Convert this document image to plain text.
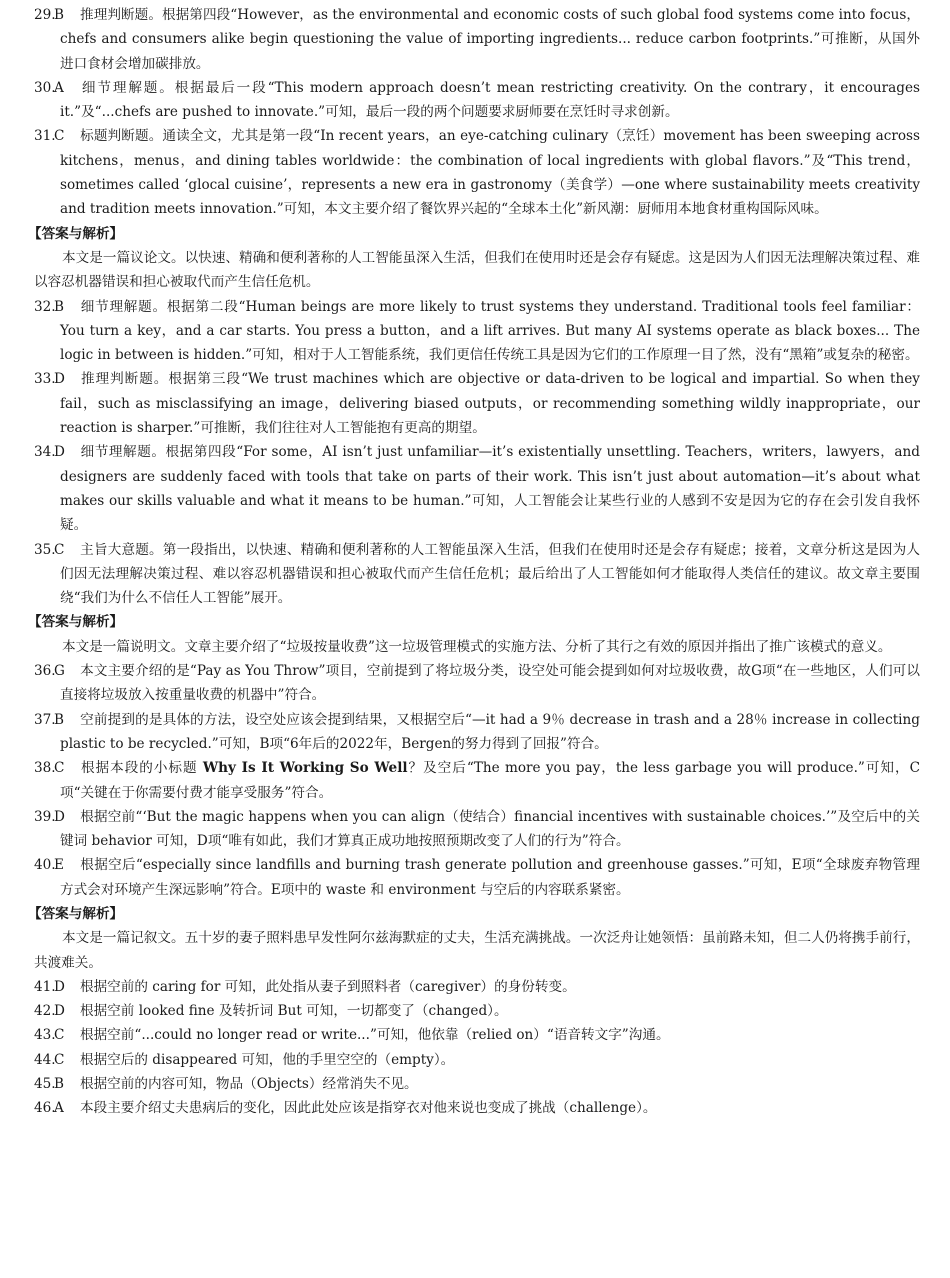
29.B 推理判断题。根据第四段“However，as the environmental and economic costs of such global food systems come into focus，chefs and consumers alike begin questioning the value of importing ingredients... reduce carbon footprints.”可推断，从国外进口食材会增加碳排放。

30.A 细节理解题。根据最后一段“This modern approach doesn’t mean restricting creativity. On the contrary，it encourages it.”及“...chefs are pushed to innovate.”可知，最后一段的两个问题要求厨师要在烹饪时寻求创新。

31.C 标题判断题。通读全文，尤其是第一段“In recent years，an eye-catching culinary（烹饪）movement has been sweeping across kitchens，menus，and dining tables worldwide：the combination of local ingredients with global flavors.”及“This trend，sometimes called ‘glocal cuisine’，represents a new era in gastronomy（美食学）—one where sustainability meets creativity and tradition meets innovation.”可知，本文主要介绍了餐饮界兴起的“全球本土化”新风潮：厨师用本地食材重构国际风味。

【答案与解析】

本文是一篇议论文。以快速、精确和便利著称的人工智能虽深入生活，但我们在使用时还是会存有疑虑。这是因为人们因无法理解决策过程、难以容忍机器错误和担心被取代而产生信任危机。

32.B 细节理解题。根据第二段“Human beings are more likely to trust systems they understand. Traditional tools feel familiar：You turn a key，and a car starts. You press a button，and a lift arrives. But many AI systems operate as black boxes... The logic in between is hidden.”可知，相对于人工智能系统，我们更信任传统工具是因为它们的工作原理一目了然，没有“黑箱”或复杂的秘密。

33.D 推理判断题。根据第三段“We trust machines which are objective or data-driven to be logical and impartial. So when they fail，such as misclassifying an image，delivering biased outputs，or recommending something wildly inappropriate，our reaction is sharper.”可推断，我们往往对人工智能抱有更高的期望。

34.D 细节理解题。根据第四段“For some，AI isn’t just unfamiliar—it’s existentially unsettling. Teachers，writers，lawyers，and designers are suddenly faced with tools that take on parts of their work. This isn’t just about automation—it’s about what makes our skills valuable and what it means to be human.”可知，人工智能会让某些行业的人感到不安是因为它的存在会引发自我怀疑。

35.C 主旨大意题。第一段指出，以快速、精确和便利著称的人工智能虽深入生活，但我们在使用时还是会存有疑虑；接着，文章分析这是因为人们因无法理解决策过程、难以容忍机器错误和担心被取代而产生信任危机；最后给出了人工智能如何才能取得人类信任的建议。故文章主要围绕“我们为什么不信任人工智能”展开。

【答案与解析】

本文是一篇说明文。文章主要介绍了“垃圾按量收费”这一垃圾管理模式的实施方法、分析了其行之有效的原因并指出了推广该模式的意义。

36.G 本文主要介绍的是“Pay as You Throw”项目，空前提到了将垃圾分类，设空处可能会提到如何对垃圾收费，故G项“在一些地区，人们可以直接将垃圾放入按重量收费的机器中”符合。

37.B 空前提到的是具体的方法，设空处应该会提到结果，又根据空后“—it had a 9％ decrease in trash and a 28％ increase in collecting plastic to be recycled.”可知，B项“6年后的2022年，Bergen的努力得到了回报”符合。

38.C 根据本段的小标题 Why Is It Working So Well？及空后“The more you pay，the less garbage you will produce.”可知，C项“关键在于你需要付费才能享受服务”符合。

39.D 根据空前“‘But the magic happens when you can align（使结合）financial incentives with sustainable choices.’”及空后中的关键词 behavior 可知，D项“唯有如此，我们才算真正成功地按照预期改变了人们的行为”符合。

40.E 根据空后“especially since landfills and burning trash generate pollution and greenhouse gasses.”可知，E项“全球废弃物管理方式会对环境产生深远影响”符合。E项中的 waste 和 environment 与空后的内容联系紧密。

【答案与解析】

本文是一篇记叙文。五十岁的妻子照料患早发性阿尔兹海默症的丈夫，生活充满挑战。一次泛舟让她领悟：虽前路未知，但二人仍将携手前行，共渡难关。

41.D 根据空前的 caring for 可知，此处指从妻子到照料者（caregiver）的身份转变。

42.D 根据空前 looked fine 及转折词 But 可知，一切都变了（changed）。

43.C 根据空前“...could no longer read or write...”可知，他依靠（relied on）“语音转文字”沟通。

44.C 根据空后的 disappeared 可知，他的手里空空的（empty）。

45.B 根据空前的内容可知，物品（Objects）经常消失不见。

46.A 本段主要介绍丈夫患病后的变化，因此此处应该是指穿衣对他来说也变成了挑战（challenge）。
